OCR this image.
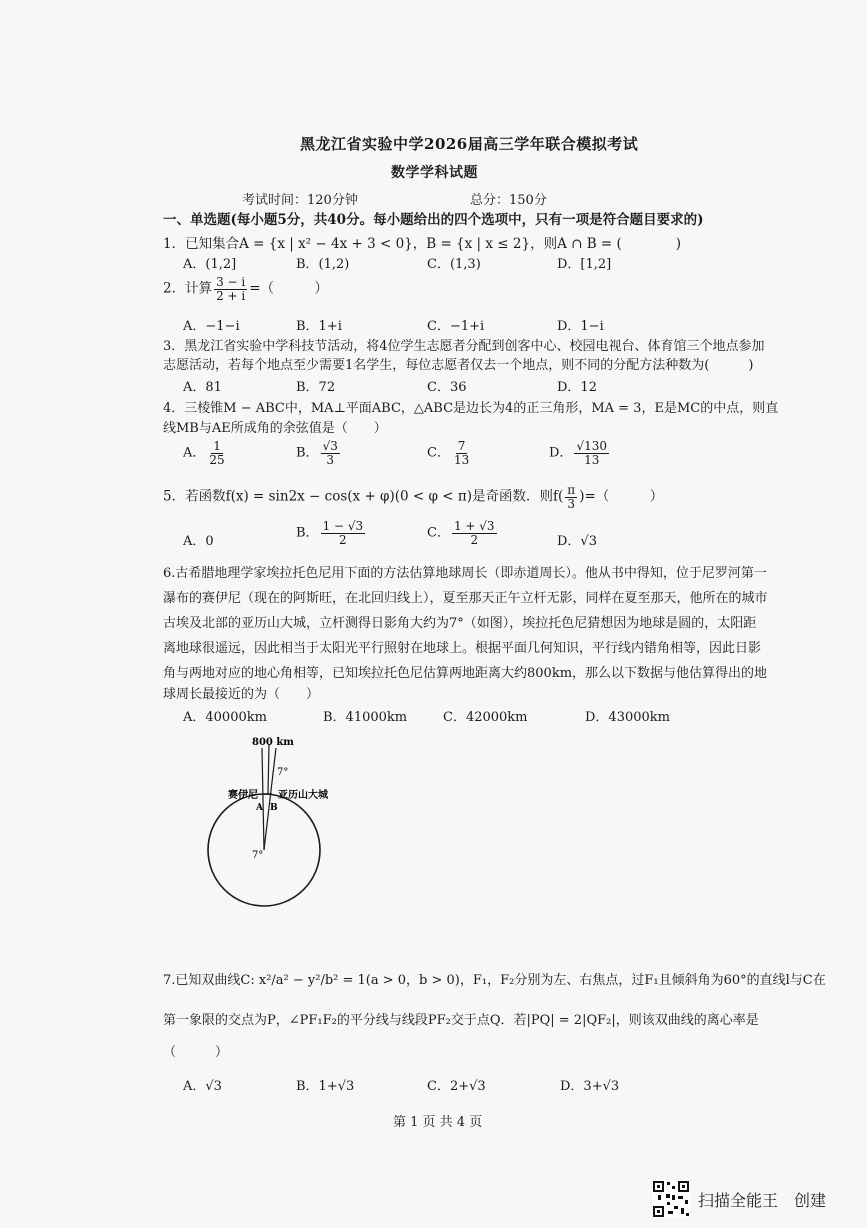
黑龙江省实验中学2026届高三学年联合模拟考试
数学学科试题
考试时间：120分钟	总分：150分
一、单选题(每小题5分，共40分。每小题给出的四个选项中，只有一项是符合题目要求的)
1．已知集合A = {x | x² − 4x + 3 < 0}，B = {x | x ≤ 2}，则A ∩ B = (　　　　)
A．(1,2]	B．(1,2)	C．(1,3)	D．[1,2]
2．计算 $\frac{3 - i}{2 + i}$ =（　　　）
A．−1−i	B．1+i	C．−1+i	D．1−i
3．黑龙江省实验中学科技节活动，将4位学生志愿者分配到创客中心、校园电视台、体育馆三个地点参加
志愿活动，若每个地点至少需要1名学生，每位志愿者仅去一个地点，则不同的分配方法种数为(　　　)
A．81	B．72	C．36	D．12
4．三棱锥M − ABC中，MA⊥平面ABC，△ABC是边长为4的正三角形，MA = 3，E是MC的中点，则直
线MB与AE所成角的余弦值是（　　）
A． $\frac{1}{25}$	B． $\frac{√3}{3}$	C． $\frac{7}{13}$	D． $\frac{√130}{13}$
5．若函数f(x) = sin2x − cos(x + φ)(0 < φ < π)是奇函数．则$f( \frac{\pi}{3}$ )=（　　　）
A．0
B． $\frac{1 - √3}{2}$	C． $\frac{1 + √3}{2}$	D．√3
6.古希腊地理学家埃拉托色尼用下面的方法估算地球周长（即赤道周长）。他从书中得知，位于尼罗河第一
瀑布的赛伊尼（现在的阿斯旺，在北回归线上），夏至那天正午立杆无影，同样在夏至那天，他所在的城市
古埃及北部的亚历山大城，立杆测得日影角大约为7°（如图），埃拉托色尼猜想因为地球是圆的，太阳距
离地球很遥远，因此相当于太阳光平行照射在地球上。根据平面几何知识，平行线内错角相等，因此日影
角与两地对应的地心角相等，已知埃拉托色尼估算两地距离大约800km，那么以下数据与他估算得出的地
球周长最接近的为（　　）
A．40000km	B．41000km	C．42000km	D．43000km
800 km
7°
赛伊尼 亚历山大城
A B
7°
7.已知双曲线C: x²/a² − y²/b² = 1(a > 0，b > 0)，F₁，F₂分别为左、右焦点，过F₁且倾斜角为60°的直线l与C在
第一象限的交点为P，∠PF₁F₂的平分线与线段PF₂交于点Q．若|PQ| = 2|QF₂|，则该双曲线的离心率是
（　　　）
A．√3	B．1+√3	C．2+√3	D．3+√3
第 1 页 共 4 页
扫描全能王　创建
